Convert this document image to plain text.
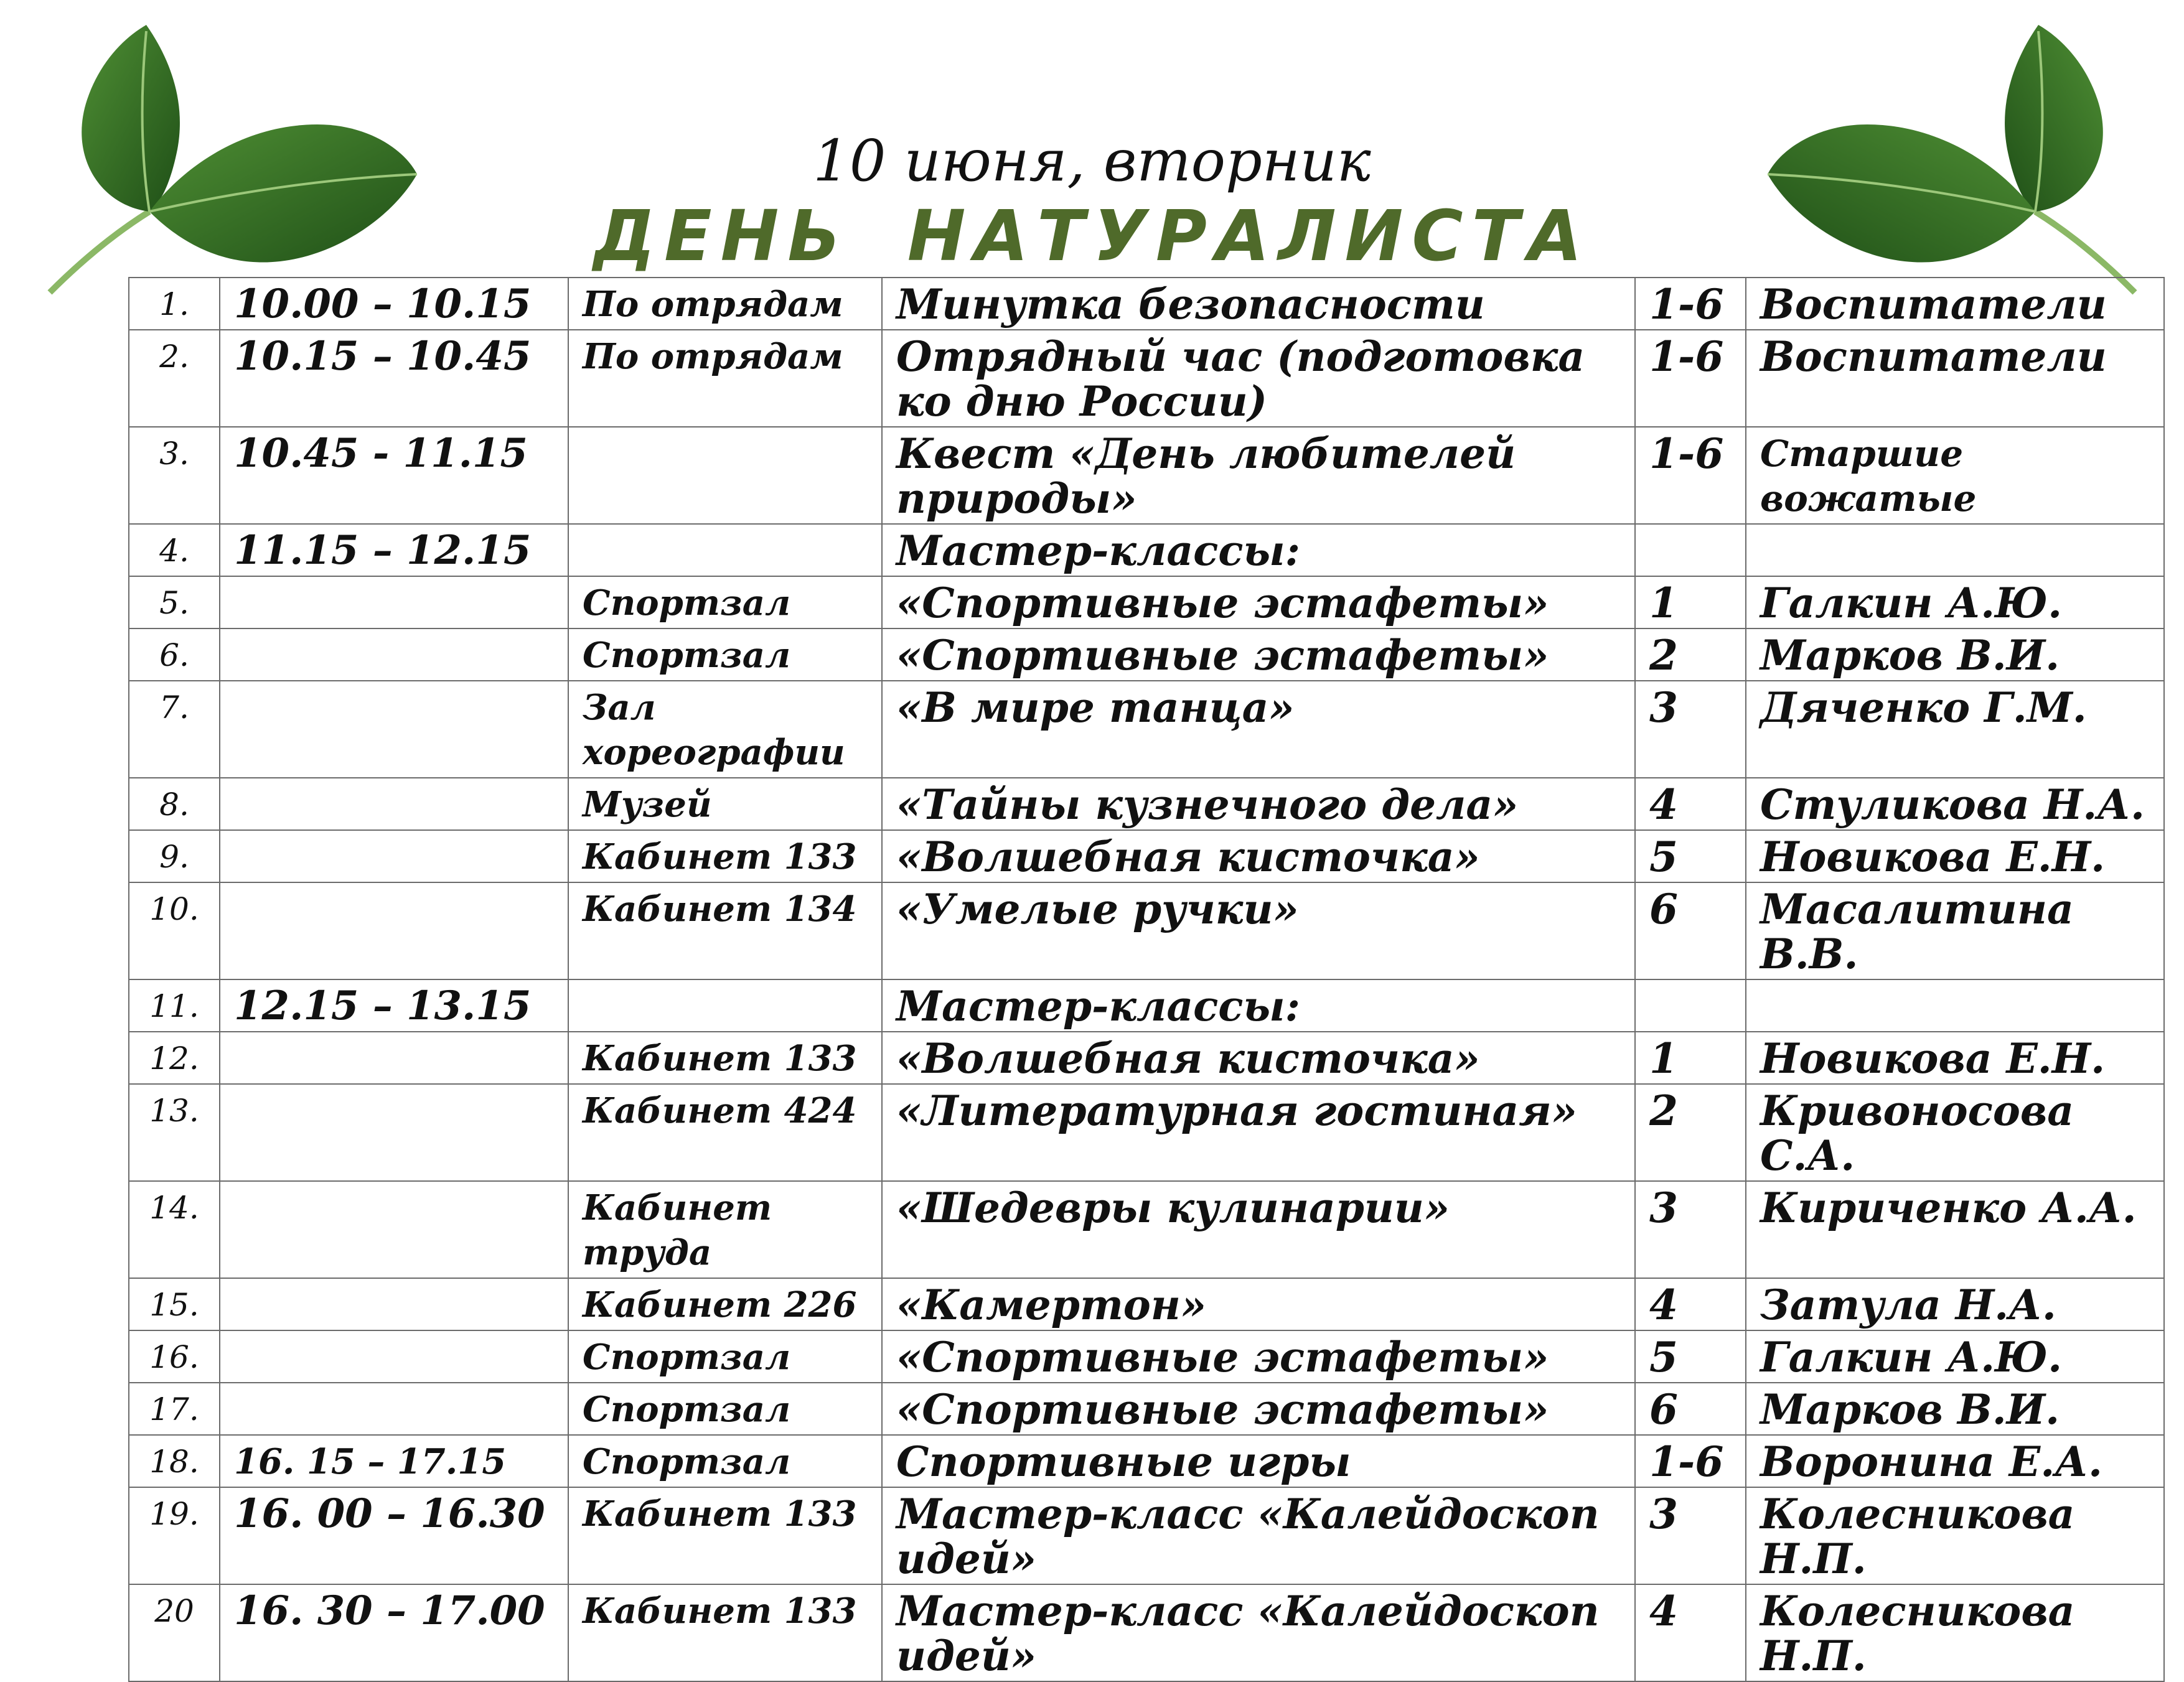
10 июня, вторник
ДЕНЬ НАТУРАЛИСТА
1.	10.00 – 10.15	По отрядам	Минутка безопасности	1-6	Воспитатели
2.	10.15 – 10.45	По отрядам	Отрядный час (подготовка ко дню России)	1-6	Воспитатели
3.	10.45 - 11.15		Квест «День любителей природы»	1-6	Старшие вожатые
4.	11.15 – 12.15		Мастер-классы:		
5.		Спортзал	«Спортивные эстафеты»	1	Галкин А.Ю.
6.		Спортзал	«Спортивные эстафеты»	2	Марков В.И.
7.		Зал хореографии	«В мире танца»	3	Дяченко Г.М.
8.		Музей	«Тайны кузнечного дела»	4	Стуликова Н.А.
9.		Кабинет 133	«Волшебная кисточка»	5	Новикова Е.Н.
10.		Кабинет 134	«Умелые ручки»	6	Масалитина В.В.
11.	12.15 – 13.15		Мастер-классы:		
12.		Кабинет 133	«Волшебная кисточка»	1	Новикова Е.Н.
13.		Кабинет 424	«Литературная гостиная»	2	Кривоносова С.А.
14.		Кабинет труда	«Шедевры кулинарии»	3	Кириченко А.А.
15.		Кабинет 226	«Камертон»	4	Затула Н.А.
16.		Спортзал	«Спортивные эстафеты»	5	Галкин А.Ю.
17.		Спортзал	«Спортивные эстафеты»	6	Марков В.И.
18.	16. 15 – 17.15	Спортзал	Спортивные игры	1-6	Воронина Е.А.
19.	16. 00 – 16.30	Кабинет 133	Мастер-класс «Калейдоскоп идей»	3	Колесникова Н.П.
20	16. 30 – 17.00	Кабинет 133	Мастер-класс «Калейдоскоп идей»	4	Колесникова Н.П.
